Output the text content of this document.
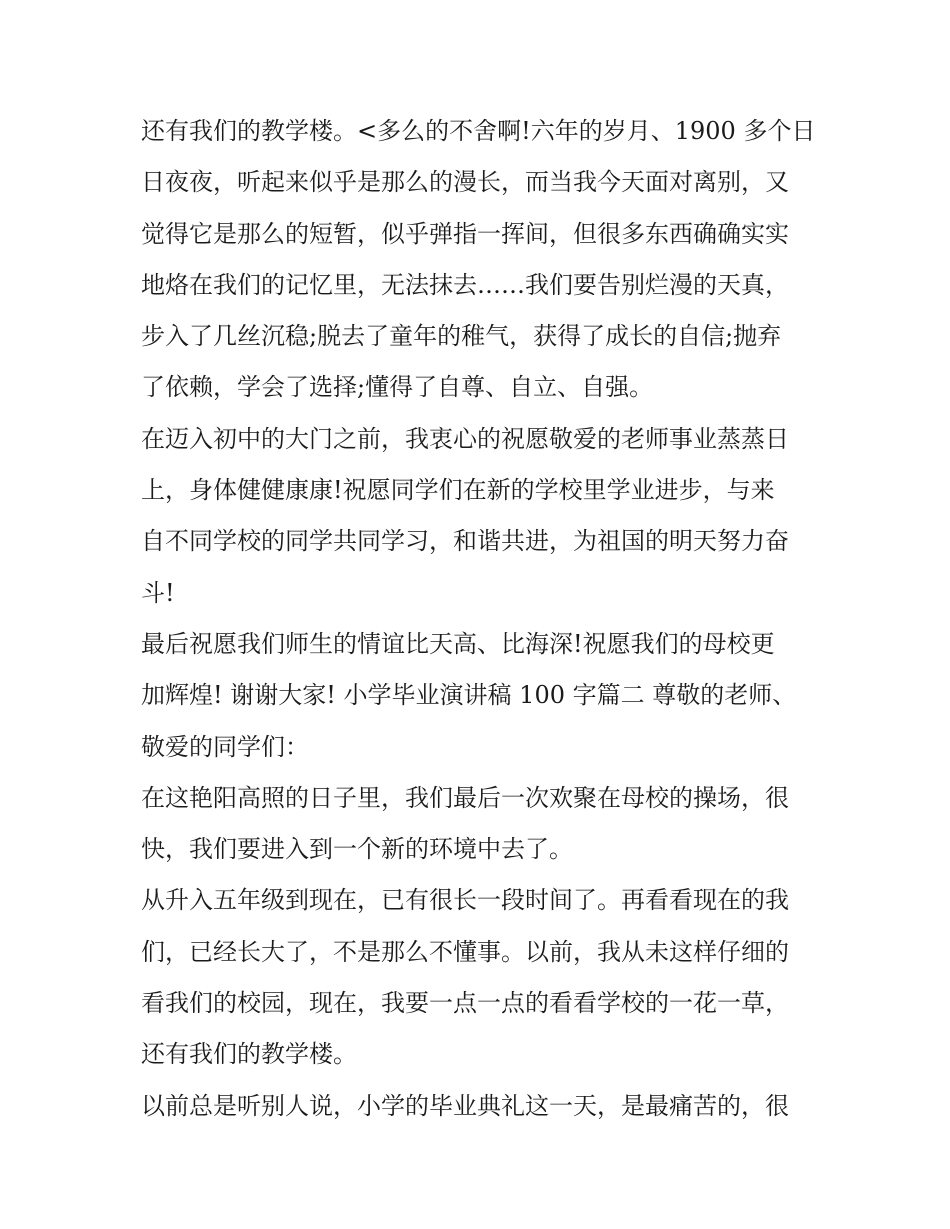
还有我们的教学楼。<多么的不舍啊!六年的岁月、1900 多个日
日夜夜，听起来似乎是那么的漫长，而当我今天面对离别，又
觉得它是那么的短暂，似乎弹指一挥间，但很多东西确确实实
地烙在我们的记忆里，无法抹去……我们要告别烂漫的天真，
步入了几丝沉稳;脱去了童年的稚气，获得了成长的自信;抛弃
了依赖，学会了选择;懂得了自尊、自立、自强。
在迈入初中的大门之前，我衷心的祝愿敬爱的老师事业蒸蒸日
上，身体健健康康!祝愿同学们在新的学校里学业进步，与来
自不同学校的同学共同学习，和谐共进，为祖国的明天努力奋
斗!
最后祝愿我们师生的情谊比天高、比海深!祝愿我们的母校更
加辉煌! 谢谢大家! 小学毕业演讲稿 100 字篇二 尊敬的老师、
敬爱的同学们：
在这艳阳高照的日子里，我们最后一次欢聚在母校的操场，很
快，我们要进入到一个新的环境中去了。
从升入五年级到现在，已有很长一段时间了。再看看现在的我
们，已经长大了，不是那么不懂事。以前，我从未这样仔细的
看我们的校园，现在，我要一点一点的看看学校的一花一草，
还有我们的教学楼。
以前总是听别人说，小学的毕业典礼这一天，是最痛苦的，很
